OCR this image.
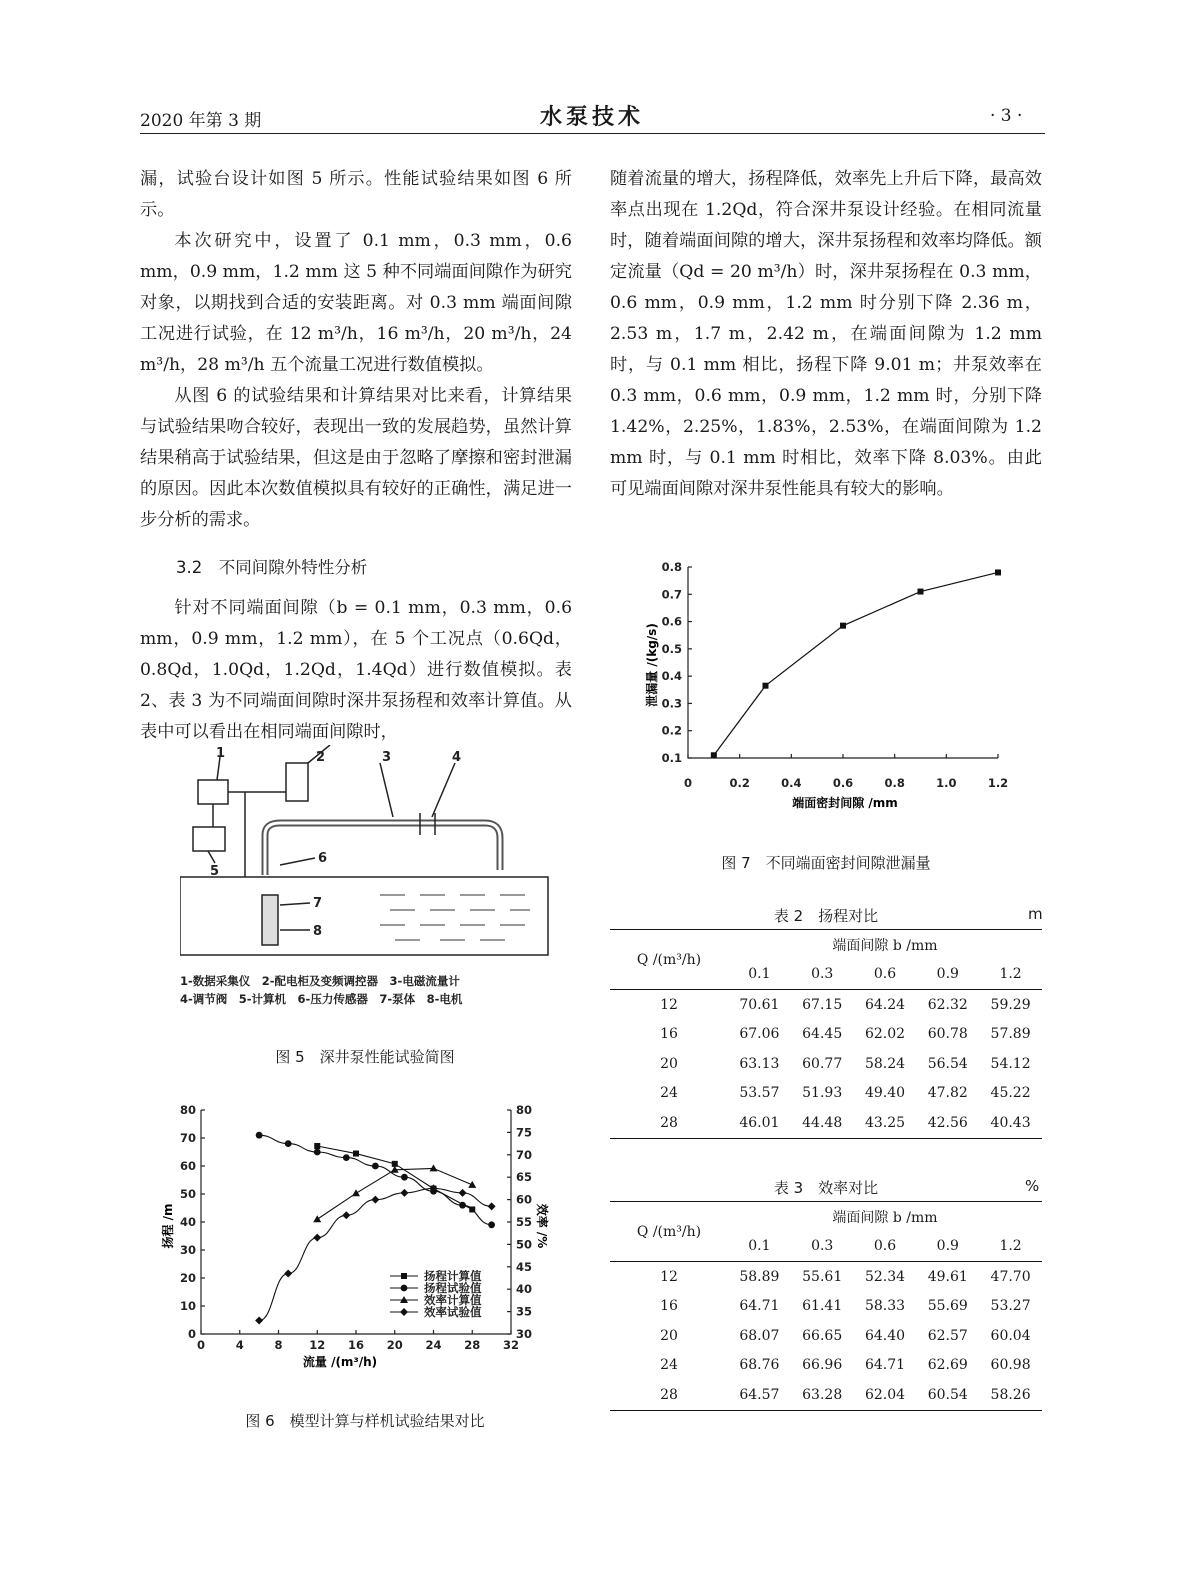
2020 年第 3 期	水泵技术	· 3 ·

漏，试验台设计如图 5 所示。性能试验结果如图 6 所示。

本次研究中，设置了 0.1 mm，0.3 mm，0.6 mm，0.9 mm，1.2 mm 这 5 种不同端面间隙作为研究对象，以期找到合适的安装距离。对 0.3 mm 端面间隙工况进行试验，在 12 m³/h，16 m³/h，20 m³/h，24 m³/h，28 m³/h 五个流量工况进行数值模拟。

从图 6 的试验结果和计算结果对比来看，计算结果与试验结果吻合较好，表现出一致的发展趋势，虽然计算结果稍高于试验结果，但这是由于忽略了摩擦和密封泄漏的原因。因此本次数值模拟具有较好的正确性，满足进一步分析的需求。

3.2　不同间隙外特性分析

针对不同端面间隙（b = 0.1 mm，0.3 mm，0.6 mm，0.9 mm，1.2 mm），在 5 个工况点（0.6Qd，0.8Qd，1.0Qd，1.2Qd，1.4Qd）进行数值模拟。表 2、表 3 为不同端面间隙时深井泵扬程和效率计算值。从表中可以看出在相同端面间隙时，

随着流量的增大，扬程降低，效率先上升后下降，最高效率点出现在 1.2Qd，符合深井泵设计经验。在相同流量时，随着端面间隙的增大，深井泵扬程和效率均降低。额定流量（Qd = 20 m³/h）时，深井泵扬程在 0.3 mm，0.6 mm，0.9 mm，1.2 mm 时分别下降 2.36 m，2.53 m，1.7 m，2.42 m，在端面间隙为 1.2 mm 时，与 0.1 mm 相比，扬程下降 9.01 m；井泵效率在 0.3 mm，0.6 mm，0.9 mm，1.2 mm 时，分别下降 1.42%，2.25%，1.83%，2.53%，在端面间隙为 1.2 mm 时，与 0.1 mm 时相比，效率下降 8.03%。由此可见端面间隙对深井泵性能具有较大的影响。

1	2	3	4
5
6
7
8
1-数据采集仪　2-配电柜及变频调控器　3-电磁流量计
4-调节阀　5-计算机　6-压力传感器　7-泵体　8-电机
图 5　深井泵性能试验简图
0	4	8 12 16 20 24 28 32
0
10
20
30
40
50
60
70
80
30
35
40
45
50
55
60
65
70
75
80
扬程计算值
扬程试验值
效率计算值
效率试验值
流量 /(m³/h)
扬程 /m	效率 /%
图 6　模型计算与样机试验结果对比
0	0.2	0.4	0.6	0.8	1.0	1.2
0.1
0.2
0.3
0.4
0.5
0.6
0.7
0.8
端面密封间隙 /mm
泄漏量 /(kg/s)
图 7　不同端面密封间隙泄漏量
表 2　扬程对比	m
Q /(m³/h)	端面间隙 b /mm				
	0.1	0.3	0.6	0.9	1.2
12	70.61	67.15	64.24	62.32	59.29
16	67.06	64.45	62.02	60.78	57.89
20	63.13	60.77	58.24	56.54	54.12
24	53.57	51.93	49.40	47.82	45.22
28	46.01	44.48	43.25	42.56	40.43
表 3　效率对比	%
Q /(m³/h)	端面间隙 b /mm				
	0.1	0.3	0.6	0.9	1.2
12	58.89	55.61	52.34	49.61	47.70
16	64.71	61.41	58.33	55.69	53.27
20	68.07	66.65	64.40	62.57	60.04
24	68.76	66.96	64.71	62.69	60.98
28	64.57	63.28	62.04	60.54	58.26
